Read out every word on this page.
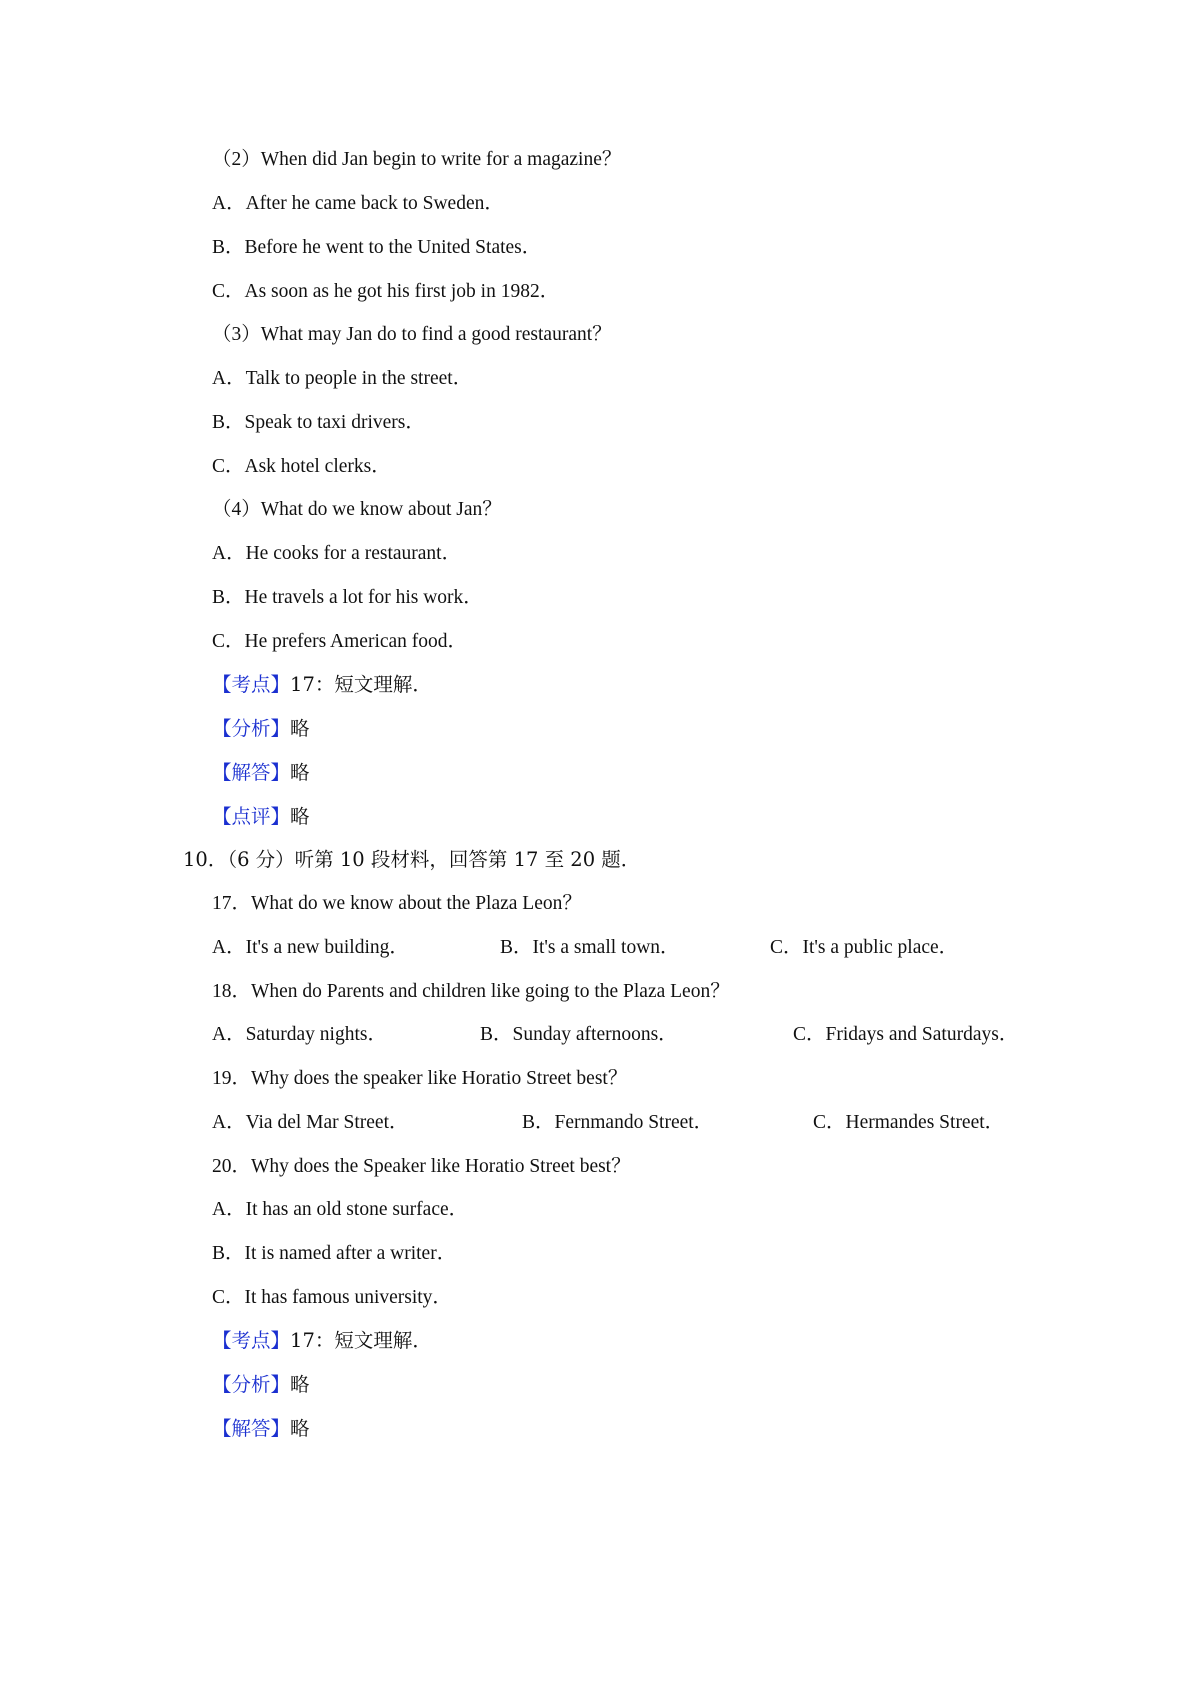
（2）When did Jan begin to write for a magazine？
A．After he came back to Sweden．
B．Before he went to the United States．
C．As soon as he got his first job in 1982．
（3）What may Jan do to find a good restaurant？
A．Talk to people in the street．
B．Speak to taxi drivers．
C．Ask hotel clerks．
（4）What do we know about Jan？
A．He cooks for a restaurant．
B．He travels a lot for his work．
C．He prefers American food．
【考点】17：短文理解．
【分析】略
【解答】略
【点评】略
10．（6 分）听第 10 段材料，回答第 17 至 20 题．
17．What do we know about the Plaza Leon？
A．It's a new building．	B．It's a small town．	C．It's a public place．
18．When do Parents and children like going to the Plaza Leon？
A．Saturday nights．	B．Sunday afternoons．	C．Fridays and Saturdays．
19．Why does the speaker like Horatio Street best？
A．Via del Mar Street．	B．Fernmando Street．	C．Hermandes Street．
20．Why does the Speaker like Horatio Street best？
A．It has an old stone surface．
B．It is named after a writer．
C．It has famous university．
【考点】17：短文理解．
【分析】略
【解答】略
